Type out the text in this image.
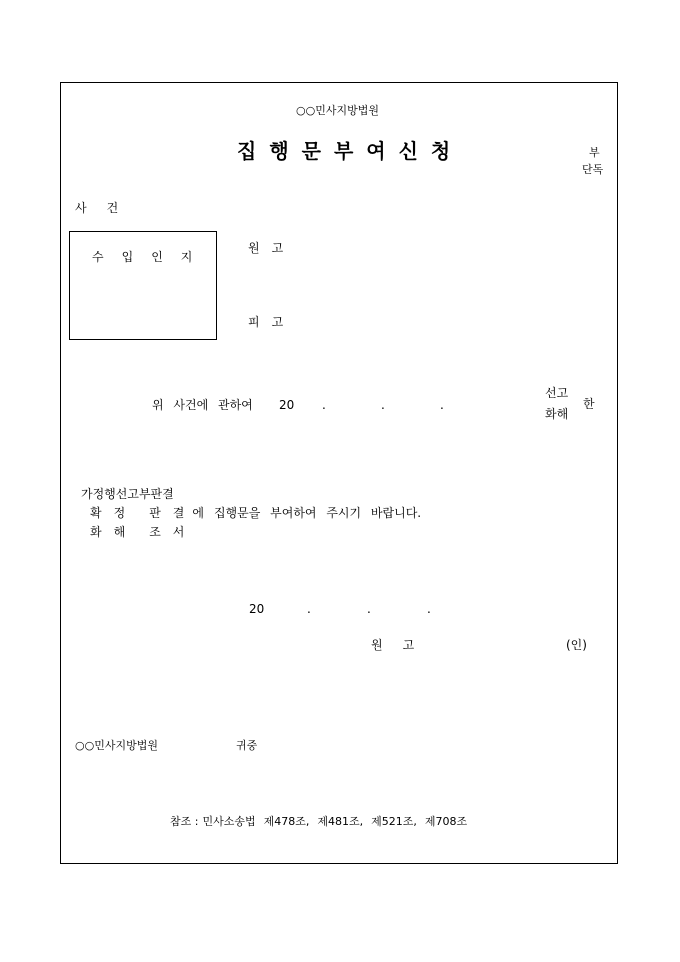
○○민사지방법원
집행문부여신청	부
단독
사 건
수 입 인 지
원 고
피 고
위 사건에 관하여 20 .	.	.
선고
화해
한
가정행선고부판결
확 정 판 결 에 집행문을 부여하여 주시기 바랍니다.
화 해 조 서
20	.	.	.
원 고	(인)
○○민사지방법원	귀중
참조 : 민사소송법 제478조, 제481조, 제521조, 제708조
